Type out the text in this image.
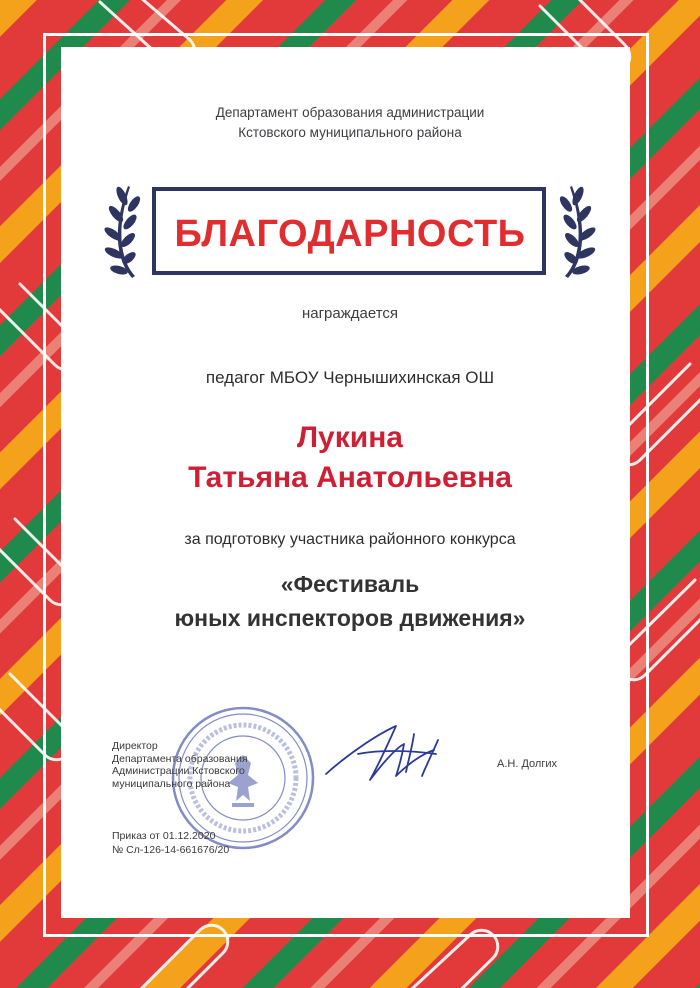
Департамент образования администрации
Кстовского муниципального района

БЛАГОДАРНОСТЬ

награждается

педагог МБОУ Чернышихинская ОШ

Лукина
Татьяна Анатольевна

за подготовку участника районного конкурса

«Фестиваль
юных инспекторов движения»

Директор
Департамента образования
Администрации Кстовского
муниципального района

А.Н. Долгих

Приказ от 01.12.2020
№ Сл-126-14-661676/20
